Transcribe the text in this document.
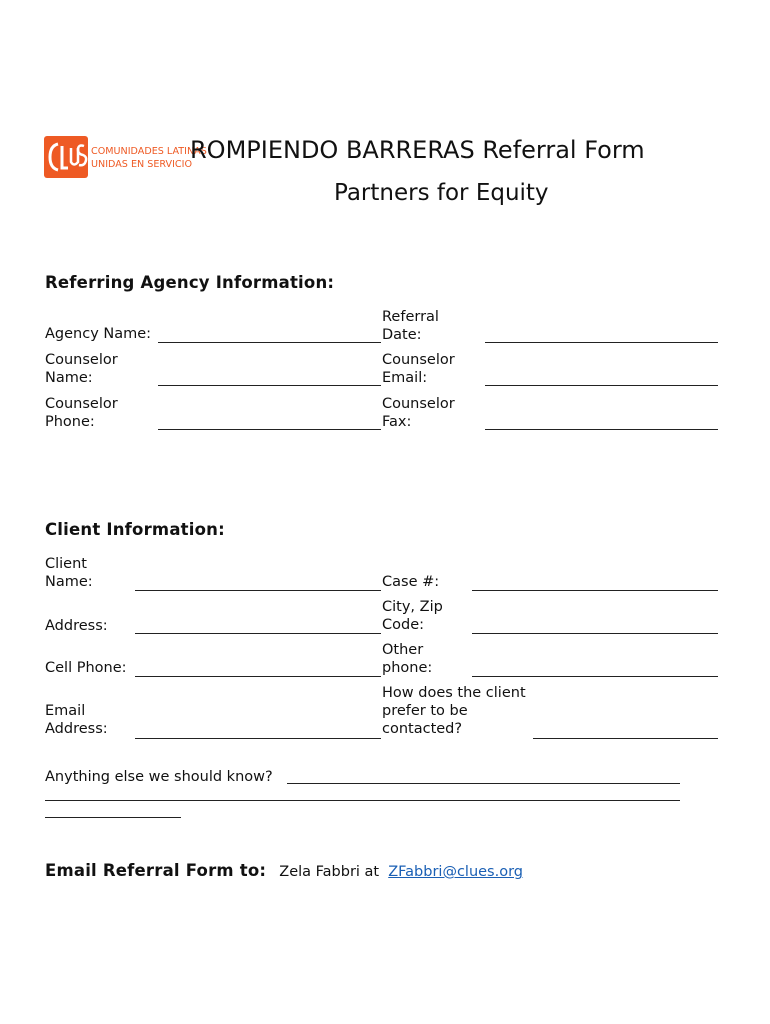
COMUNIDADES LATINAS
UNIDAS EN SERVICIO
ROMPIENDO BARRERAS Referral Form
Partners for Equity
Referring Agency Information:
Agency Name:
Referral
Date:
Counselor
Name:
Counselor
Email:
Counselor
Phone:
Counselor
Fax:
Client Information:
Client
Name:	Case #:
Address:
City, Zip
Code:
Cell Phone:
Other
phone:
Email
Address:
How does the client
prefer to be
contacted?
Anything else we should know?
Email Referral Form to: Zela Fabbri at ZFabbri@clues.org
